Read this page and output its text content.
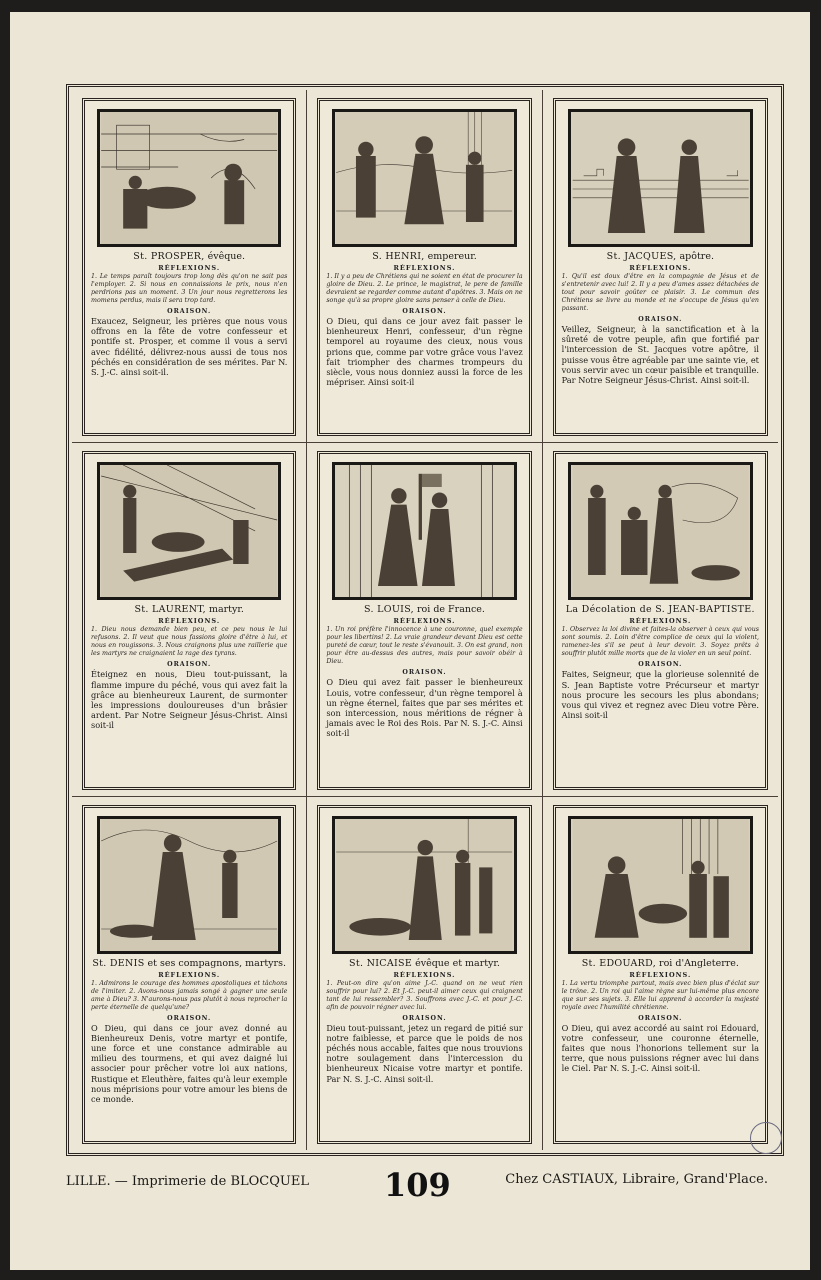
St. PROSPER, évêque.
RÉFLEXIONS.
1. Le temps paraît toujours trop long dès qu'on ne sait pas l'employer. 2. Si nous en connaissions le prix, nous n'en perdrions pas un moment. 3 Un jour nous regretterons les momens perdus, mais il sera trop tard.
ORAISON.
Exaucez, Seigneur, les prières que nous vous offrons en la fête de votre confesseur et pontife st. Prosper, et comme il vous a servi avec fidélité, délivrez-nous aussi de tous nos péchés en considération de ses mérites. Par N. S. J.-C. ainsi soit-il.
S. HENRI, empereur.
RÉFLEXIONS.
1. Il y a peu de Chrétiens qui ne soient en état de procurer la gloire de Dieu. 2. Le prince, le magistrat, le pere de famille devraient se regarder comme autant d'apôtres. 3. Mais on ne songe qu'à sa propre gloire sans penser à celle de Dieu.
ORAISON.
O Dieu, qui dans ce jour avez fait passer le bienheureux Henri, confesseur, d'un règne temporel au royaume des cieux, nous vous prions que, comme par votre grâce vous l'avez fait triompher des charmes trompeurs du siècle, vous nous donniez aussi la force de les mépriser. Ainsi soit-il
St. JACQUES, apôtre.
RÉFLEXIONS.
1. Qu'il est doux d'être en la compagnie de Jésus et de s'entretenir avec lui! 2. Il y a peu d'ames assez détachées de tout pour savoir goûter ce plaisir. 3. Le commun des Chrétiens se livre au monde et ne s'occupe de Jésus qu'en passant.
ORAISON.
Veillez, Seigneur, à la sanctification et à la sûreté de votre peuple, afin que fortifié par l'intercession de St. Jacques votre apôtre, il puisse vous être agréable par une sainte vie, et vous servir avec un cœur paisible et tranquille. Par Notre Seigneur Jésus-Christ. Ainsi soit-il.
St. LAURENT, martyr.
RÉFLEXIONS.
1. Dieu nous demande bien peu, et ce peu nous le lui refusons. 2. Il veut que nous fassions gloire d'être à lui, et nous en rougissons. 3. Nous craignons plus une raillerie que les martyrs ne craignaient la rage des tyrans.
ORAISON.
Éteignez en nous, Dieu tout-puissant, la flamme impure du péché, vous qui avez fait la grâce au bienheureux Laurent, de surmonter les impressions douloureuses d'un brâsier ardent. Par Notre Seigneur Jésus-Christ. Ainsi soit-il
S. LOUIS, roi de France.
RÉFLEXIONS.
1. Un roi préfère l'innocence à une couronne, quel exemple pour les libertins! 2. La vraie grandeur devant Dieu est cette pureté de cœur, tout le reste s'évanouit. 3. On est grand, non pour être au-dessus des autres, mais pour savoir obéir à Dieu.
ORAISON.
O Dieu qui avez fait passer le bienheureux Louis, votre confesseur, d'un règne temporel à un règne éternel, faites que par ses mérites et son intercession, nous méritions de régner à jamais avec le Roi des Rois. Par N. S. J.-C. Ainsi soit-il
La Décolation de S. JEAN-BAPTISTE.
RÉFLEXIONS.
1. Observez la loi divine et faites-la observer à ceux qui vous sont soumis. 2. Loin d'être complice de ceux qui la violent, ramenez-les s'il se peut à leur devoir. 3. Soyez prêts à souffrir plutôt mille morts que de la violer en un seul point.
ORAISON.
Faites, Seigneur, que la glorieuse solennité de S. Jean Baptiste votre Précurseur et martyr nous procure les secours les plus abondans; vous qui vivez et regnez avec Dieu votre Père. Ainsi soit-il
St. DENIS et ses compagnons, martyrs.
RÉFLEXIONS.
1. Admirons le courage des hommes apostoliques et tâchons de l'imiter. 2. Avons-nous jamais songé à gagner une seule ame à Dieu? 3. N'aurons-nous pas plutôt à nous reprocher la perte éternelle de quelqu'une?
ORAISON.
O Dieu, qui dans ce jour avez donné au Bienheureux Denis, votre martyr et pontife, une force et une constance admirable au milieu des tourmens, et qui avez daigné lui associer pour prêcher votre loi aux nations, Rustique et Eleuthère, faites qu'à leur exemple nous méprisions pour votre amour les biens de ce monde.
St. NICAISE évêque et martyr.
RÉFLEXIONS.
1. Peut-on dire qu'on aime J.-C. quand on ne veut rien souffrir pour lui? 2. Et J.-C. peut-il aimer ceux qui craignent tant de lui ressembler? 3. Souffrons avec J.-C. et pour J.-C. afin de pouvoir régner avec lui.
ORAISON.
Dieu tout-puissant, jetez un regard de pitié sur notre faiblesse, et parce que le poids de nos péchés nous accable, faites que nous trouvions notre soulagement dans l'intercession du bienheureux Nicaise votre martyr et pontife. Par N. S. J.-C. Ainsi soit-il.
St. EDOUARD, roi d'Angleterre.
RÉFLEXIONS.
1. La vertu triomphe partout, mais avec bien plus d'éclat sur le trône. 2. Un roi qui l'aime règne sur lui-même plus encore que sur ses sujets. 3. Elle lui apprend à accorder la majesté royale avec l'humilité chrétienne.
ORAISON.
O Dieu, qui avez accordé au saint roi Edouard, votre confesseur, une couronne éternelle, faites que nous l'honorions tellement sur la terre, que nous puissions régner avec lui dans le Ciel. Par N. S. J.-C. Ainsi soit-il.
LILLE. — Imprimerie de BLOCQUEL 109	Chez CASTIAUX, Libraire, Grand'Place.
